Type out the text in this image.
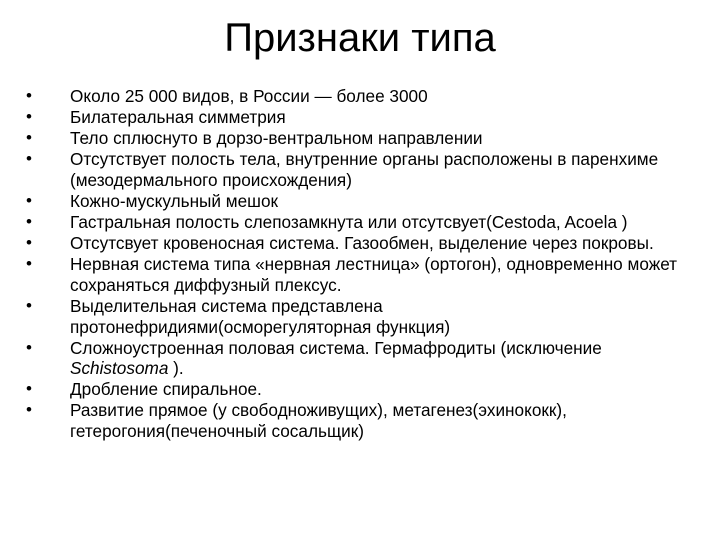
Признаки типа
• Около 25 000 видов, в России — более 3000
• Билатеральная симметрия
• Тело сплюснуто в дорзо-вентральном направлении
• Отсутствует полость тела, внутренние органы расположены в паренхиме (мезодермального происхождения)
• Кожно-мускульный мешок
• Гастральная полость слепозамкнута или отсутсвует(Cestoda, Acoela )
• Отсутсвует кровеносная система. Газообмен, выделение через покровы.
• Нервная система типа «нервная лестница» (ортогон), одновременно может сохраняться диффузный плексус.
• Выделительная система представлена протонефридиями(осморегуляторная функция)
• Сложноустроенная половая система. Гермафродиты (исключение Schistosoma ).
• Дробление спиральное.
• Развитие прямое (у свободноживущих), метагенез(эхинококк), гетерогония(печеночный сосальщик)
